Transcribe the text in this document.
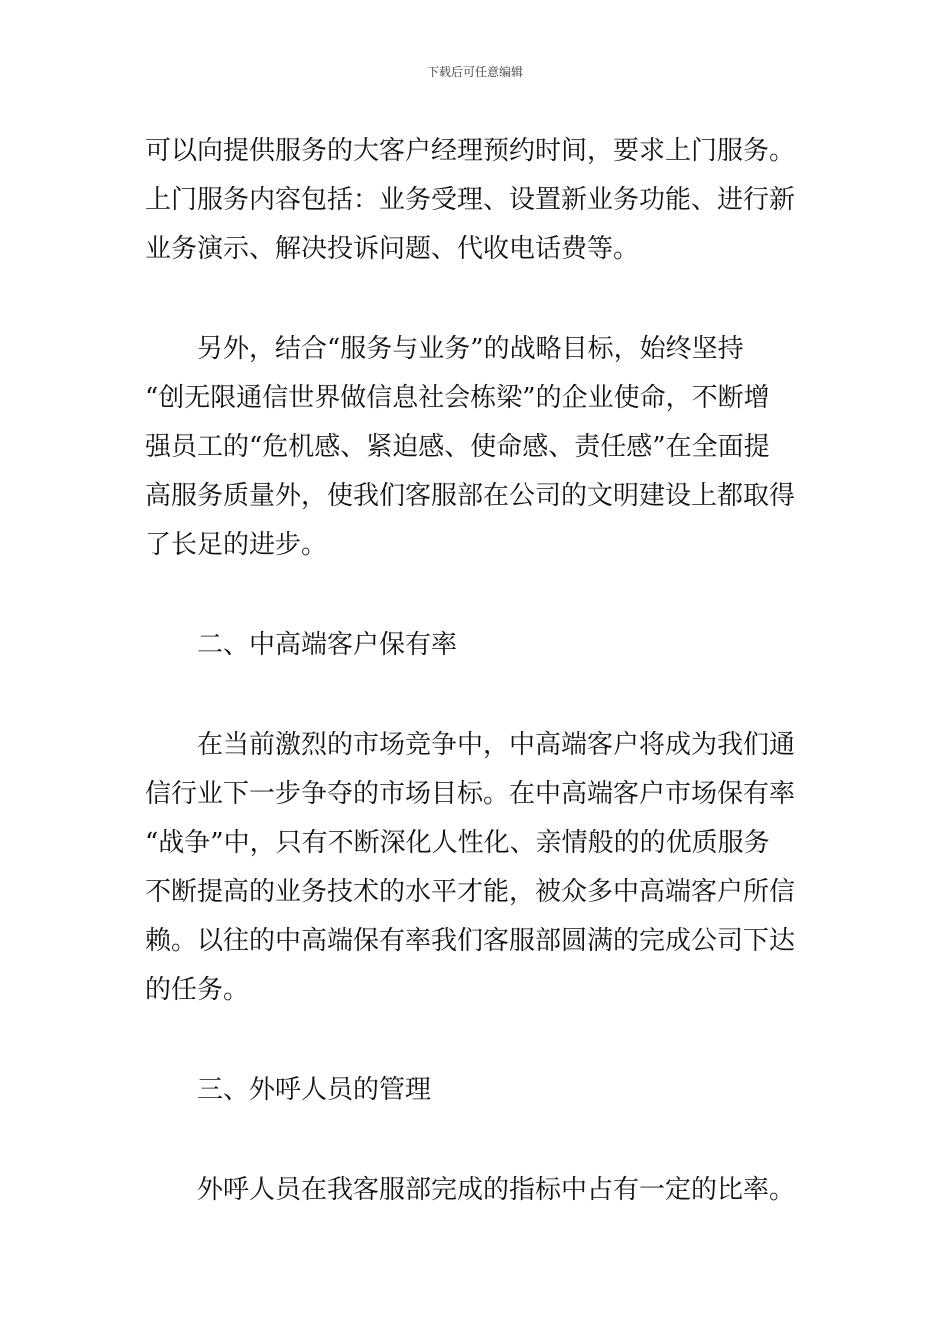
下载后可任意编辑
可以向提供服务的大客户经理预约时间，要求上门服务。
上门服务内容包括：业务受理、设置新业务功能、进行新
业务演示、解决投诉问题、代收电话费等。
另外，结合“服务与业务”的战略目标，始终坚持
“创无限通信世界做信息社会栋梁”的企业使命，不断增
强员工的“危机感、紧迫感、使命感、责任感”在全面提
高服务质量外，使我们客服部在公司的文明建设上都取得
了长足的进步。
二、中高端客户保有率
在当前激烈的市场竞争中，中高端客户将成为我们通
信行业下一步争夺的市场目标。在中高端客户市场保有率
“战争”中，只有不断深化人性化、亲情般的的优质服务
不断提高的业务技术的水平才能，被众多中高端客户所信
赖。以往的中高端保有率我们客服部圆满的完成公司下达
的任务。
三、外呼人员的管理
外呼人员在我客服部完成的指标中占有一定的比率。
